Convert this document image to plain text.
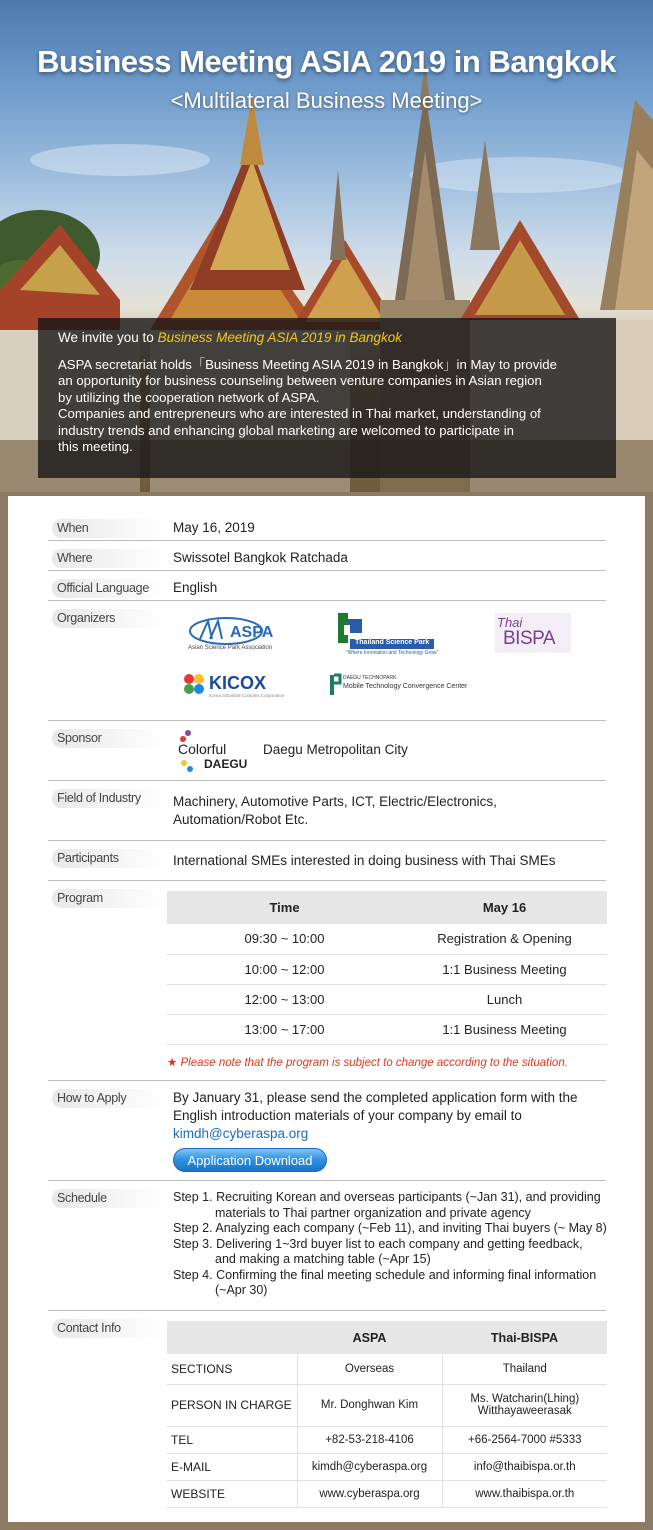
Business Meeting ASIA 2019 in Bangkok
<Multilateral Business Meeting>
We invite you to Business Meeting ASIA 2019 in Bangkok

ASPA secretariat holds「Business Meeting ASIA 2019 in Bangkok」in May to provide

an opportunity for business counseling between venture companies in Asian region

by utilizing the cooperation network of ASPA.

Companies and entrepreneurs who are interested in Thai market, understanding of

industry trends and enhancing global marketing are welcomed to participate in

this meeting.

When	May 16, 2019
Where	Swissotel Bangkok Ratchada
Official Language	English
Organizers
ASPA
Asian Science Park Association
Thailand Science Park
"Where Innovation and Technology Grow"
Thai
BISPA
KICOX
Korea Industrial Complex Corporation
DAEGU TECHNOPARK
Mobile Technology Convergence Center
Sponsor
Colorful
DAEGU
Daegu Metropolitan City
Field of Industry	Machinery, Automotive Parts, ICT, Electric/Electronics,
Automation/Robot Etc.
Participants	International SMEs interested in doing business with Thai SMEs
Program
Time	May 16
09:30 ~ 10:00	Registration & Opening
10:00 ~ 12:00	1:1 Business Meeting
12:00 ~ 13:00	Lunch
13:00 ~ 17:00	1:1 Business Meeting
★ Please note that the program is subject to change according to the situation.
How to Apply	By January 31, please send the completed application form with the
English introduction materials of your company by email to
kimdh@cyberaspa.org
Application Download
Schedule	Step 1. Recruiting Korean and overseas participants (~Jan 31), and providing
materials to Thai partner organization and private agency
Step 2. Analyzing each company (~Feb 11), and inviting Thai buyers (~ May 8)
Step 3. Delivering 1~3rd buyer list to each company and getting feedback,
and making a matching table (~Apr 15)
Step 4. Confirming the final meeting schedule and informing final information
(~Apr 30)
Contact Info
	ASPA	Thai-BISPA
SECTIONS	Overseas	Thailand
PERSON IN CHARGE	Mr. Donghwan Kim	Ms. Watcharin(Lhing)
Witthayaweerasak

TEL	+82-53-218-4106	+66-2564-7000 #5333
E-MAIL	kimdh@cyberaspa.org	info@thaibispa.or.th
WEBSITE	www.cyberaspa.org	www.thaibispa.or.th
